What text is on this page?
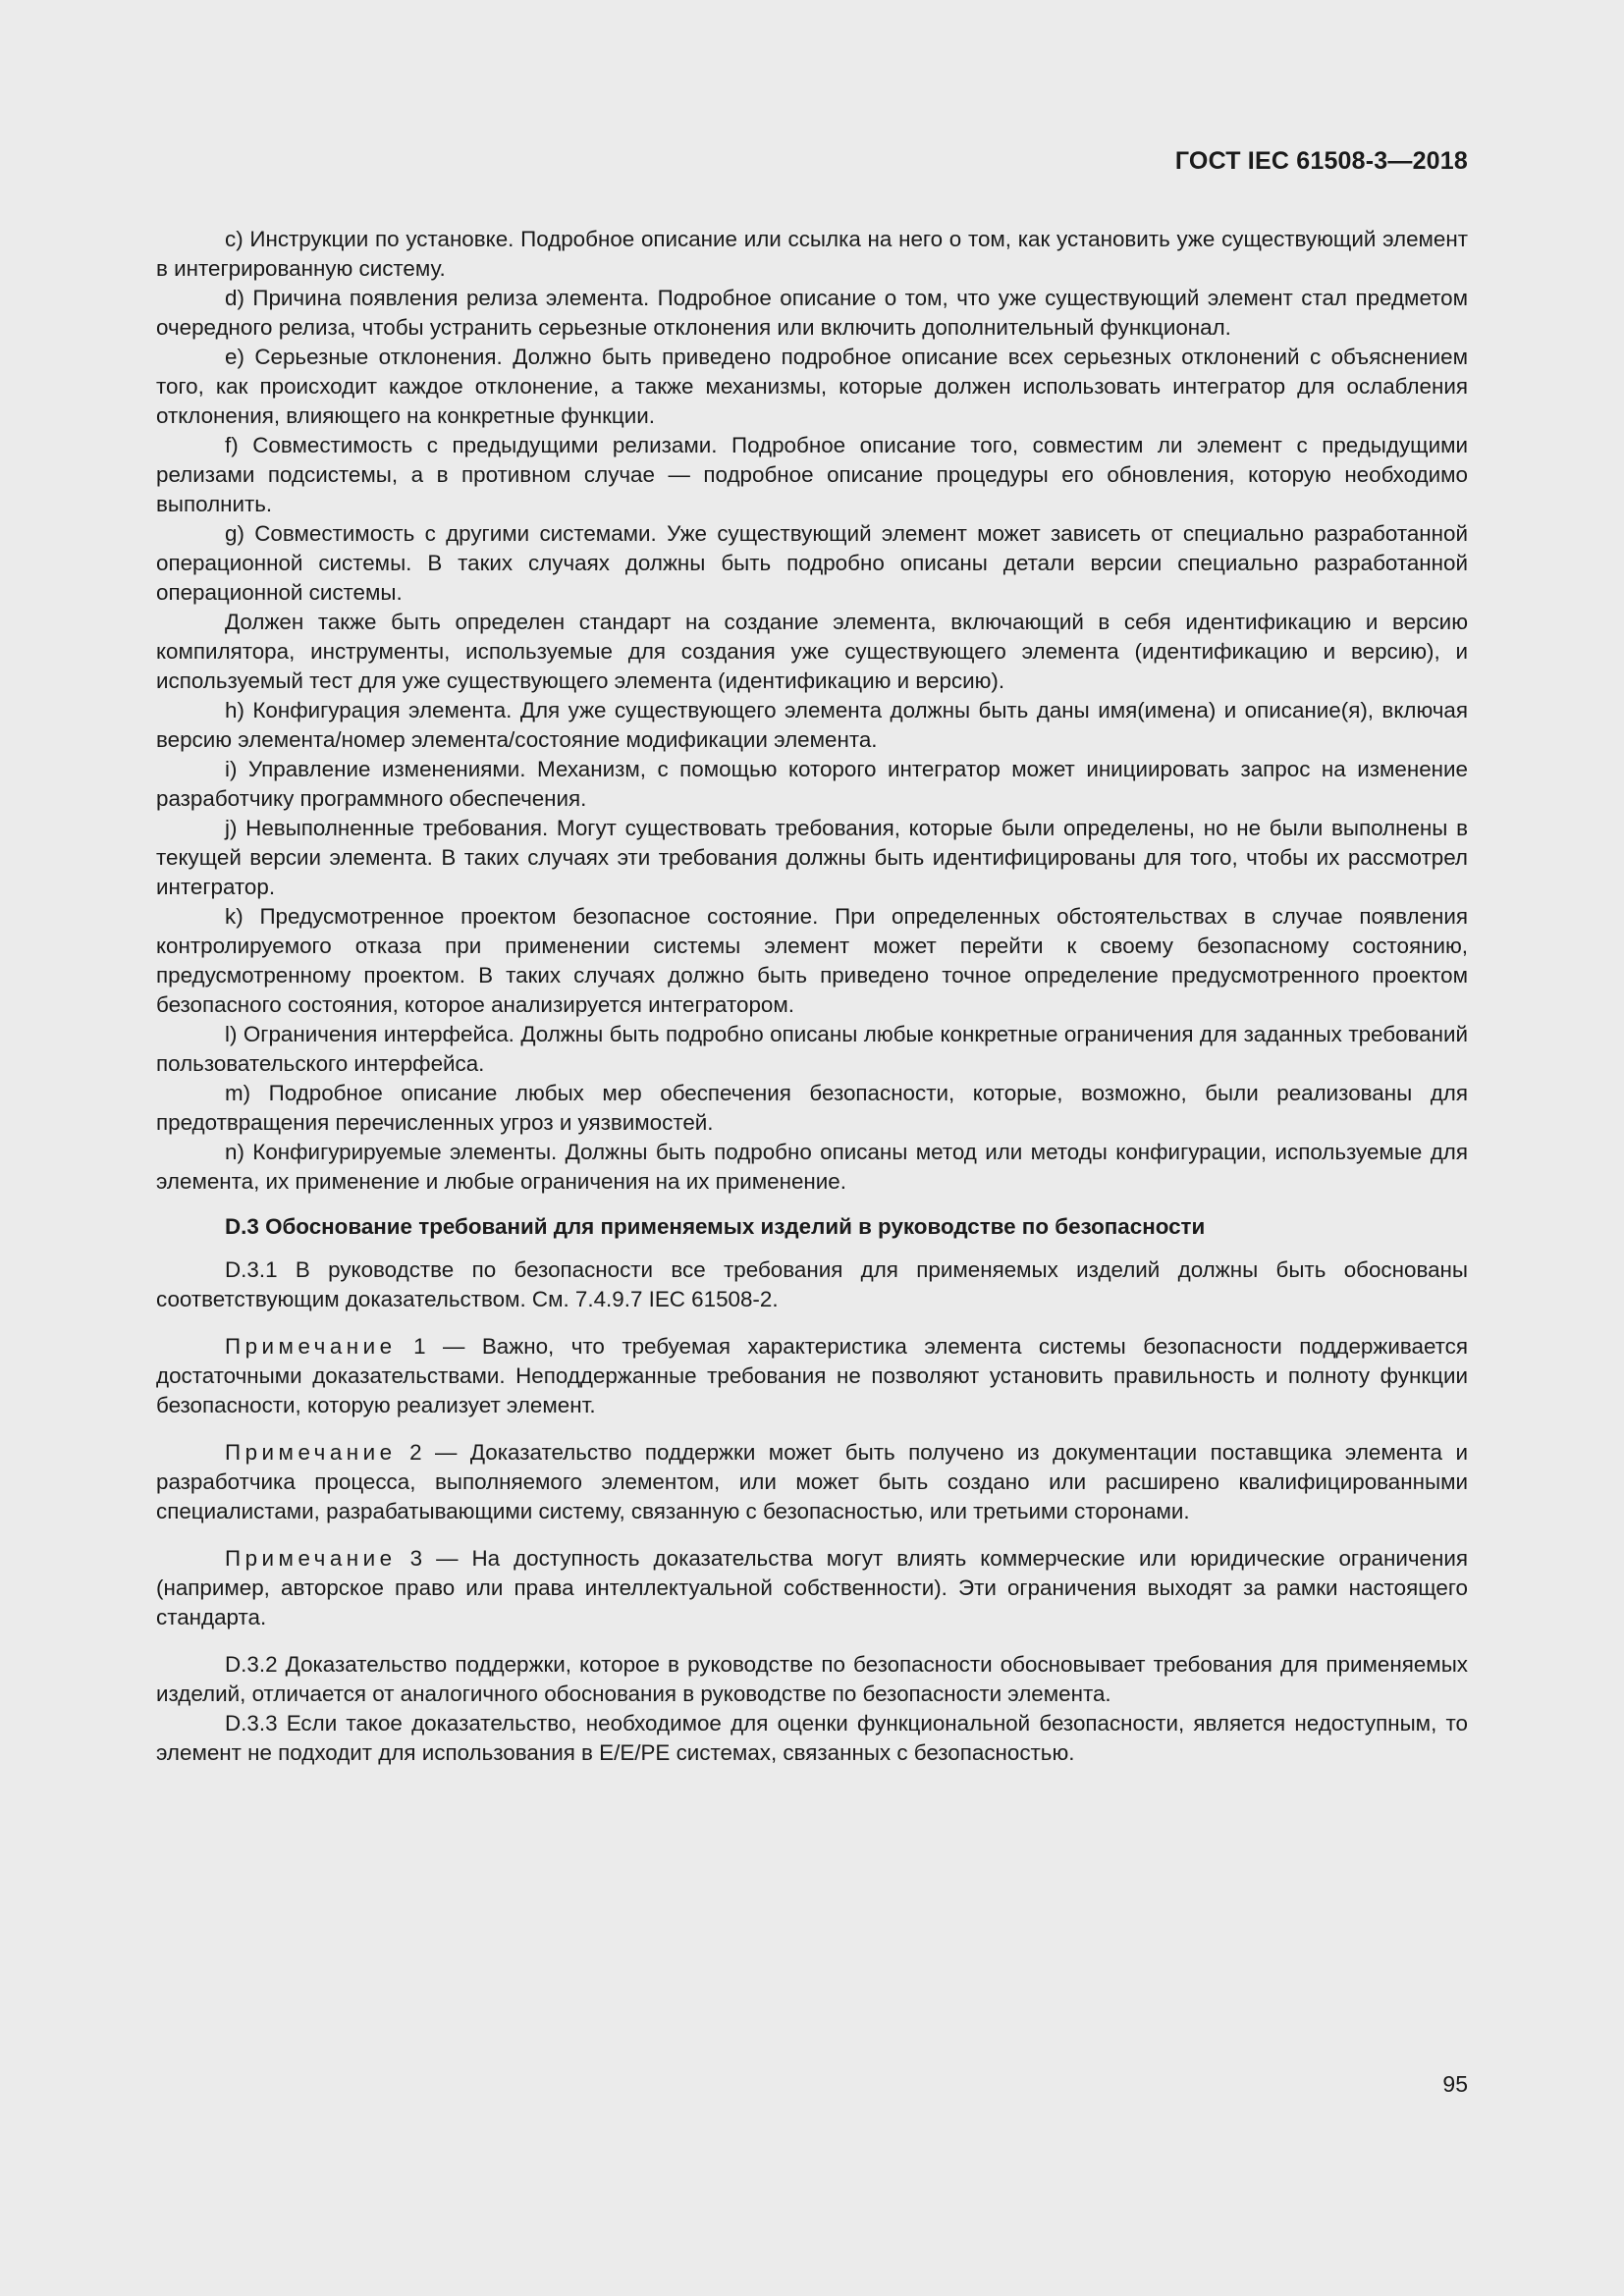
ГОСТ IEC 61508-3—2018

c) Инструкции по установке. Подробное описание или ссылка на него о том, как установить уже существующий элемент в интегрированную систему.

d) Причина появления релиза элемента. Подробное описание о том, что уже существующий элемент стал предметом очередного релиза, чтобы устранить серьезные отклонения или включить дополнительный функционал.

e) Серьезные отклонения. Должно быть приведено подробное описание всех серьезных отклонений с объяснением того, как происходит каждое отклонение, а также механизмы, которые должен использовать интегратор для ослабления отклонения, влияющего на конкретные функции.

f) Совместимость с предыдущими релизами. Подробное описание того, совместим ли элемент с предыдущими релизами подсистемы, а в противном случае — подробное описание процедуры его обновления, которую необходимо выполнить.

g) Совместимость с другими системами. Уже существующий элемент может зависеть от специально разработанной операционной системы. В таких случаях должны быть подробно описаны детали версии специально разработанной операционной системы.

Должен также быть определен стандарт на создание элемента, включающий в себя идентификацию и версию компилятора, инструменты, используемые для создания уже существующего элемента (идентификацию и версию), и используемый тест для уже существующего элемента (идентификацию и версию).

h) Конфигурация элемента. Для уже существующего элемента должны быть даны имя(имена) и описание(я), включая версию элемента/номер элемента/состояние модификации элемента.

i) Управление изменениями. Механизм, с помощью которого интегратор может инициировать запрос на изменение разработчику программного обеспечения.

j) Невыполненные требования. Могут существовать требования, которые были определены, но не были выполнены в текущей версии элемента. В таких случаях эти требования должны быть идентифицированы для того, чтобы их рассмотрел интегратор.

k) Предусмотренное проектом безопасное состояние. При определенных обстоятельствах в случае появления контролируемого отказа при применении системы элемент может перейти к своему безопасному состоянию, предусмотренному проектом. В таких случаях должно быть приведено точное определение предусмотренного проектом безопасного состояния, которое анализируется интегратором.

l) Ограничения интерфейса. Должны быть подробно описаны любые конкретные ограничения для заданных требований пользовательского интерфейса.

m) Подробное описание любых мер обеспечения безопасности, которые, возможно, были реализованы для предотвращения перечисленных угроз и уязвимостей.

n) Конфигурируемые элементы. Должны быть подробно описаны метод или методы конфигурации, используемые для элемента, их применение и любые ограничения на их применение.

D.3 Обоснование требований для применяемых изделий в руководстве по безопасности

D.3.1 В руководстве по безопасности все требования для применяемых изделий должны быть обоснованы соответствующим доказательством. См. 7.4.9.7 IEC 61508-2.

Примечание 1 — Важно, что требуемая характеристика элемента системы безопасности поддерживается достаточными доказательствами. Неподдержанные требования не позволяют установить правильность и полноту функции безопасности, которую реализует элемент.

Примечание 2 — Доказательство поддержки может быть получено из документации поставщика элемента и разработчика процесса, выполняемого элементом, или может быть создано или расширено квалифицированными специалистами, разрабатывающими систему, связанную с безопасностью, или третьими сторонами.

Примечание 3 — На доступность доказательства могут влиять коммерческие или юридические ограничения (например, авторское право или права интеллектуальной собственности). Эти ограничения выходят за рамки настоящего стандарта.

D.3.2 Доказательство поддержки, которое в руководстве по безопасности обосновывает требования для применяемых изделий, отличается от аналогичного обоснования в руководстве по безопасности элемента.

D.3.3 Если такое доказательство, необходимое для оценки функциональной безопасности, является недоступным, то элемент не подходит для использования в Е/Е/РЕ системах, связанных с безопасностью.

95
